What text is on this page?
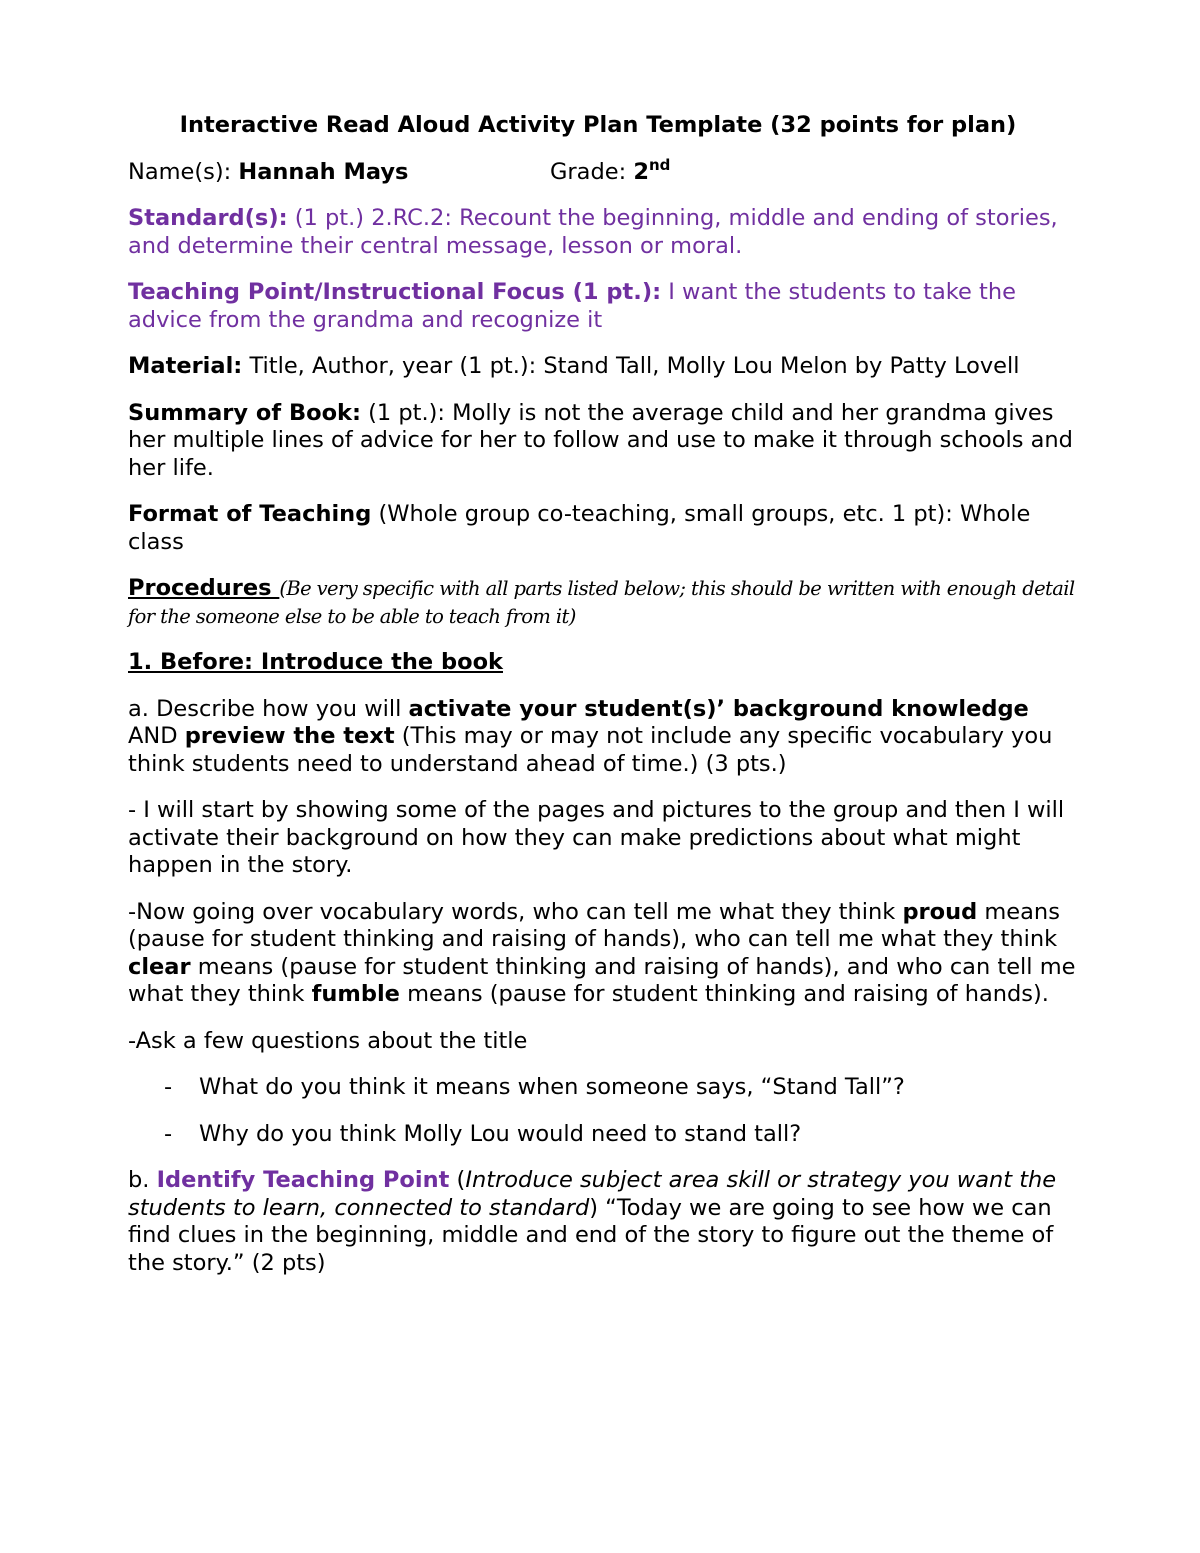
Interactive Read Aloud Activity Plan Template (32 points for plan)

Name(s): Hannah Mays	Grade: 2nd

Standard(s): (1 pt.) 2.RC.2: Recount the beginning, middle and ending of stories, and determine their central message, lesson or moral.

Teaching Point/Instructional Focus (1 pt.): I want the students to take the advice from the grandma and recognize it

Material: Title, Author, year (1 pt.): Stand Tall, Molly Lou Melon by Patty Lovell

Summary of Book: (1 pt.): Molly is not the average child and her grandma gives her multiple lines of advice for her to follow and use to make it through schools and her life.

Format of Teaching (Whole group co-teaching, small groups, etc. 1 pt): Whole class

Procedures (Be very specific with all parts listed below; this should be written with enough detail for the someone else to be able to teach from it)

1. Before: Introduce the book

a. Describe how you will activate your student(s)’ background knowledge AND preview the text (This may or may not include any specific vocabulary you think students need to understand ahead of time.) (3 pts.)

- I will start by showing some of the pages and pictures to the group and then I will activate their background on how they can make predictions about what might happen in the story.

-Now going over vocabulary words, who can tell me what they think proud means (pause for student thinking and raising of hands), who can tell me what they think clear means (pause for student thinking and raising of hands), and who can tell me what they think fumble means (pause for student thinking and raising of hands).

-Ask a few questions about the title

- What do you think it means when someone says, “Stand Tall”?

- Why do you think Molly Lou would need to stand tall?

b. Identify Teaching Point (Introduce subject area skill or strategy you want the students to learn, connected to standard) “Today we are going to see how we can find clues in the beginning, middle and end of the story to figure out the theme of the story.” (2 pts)
